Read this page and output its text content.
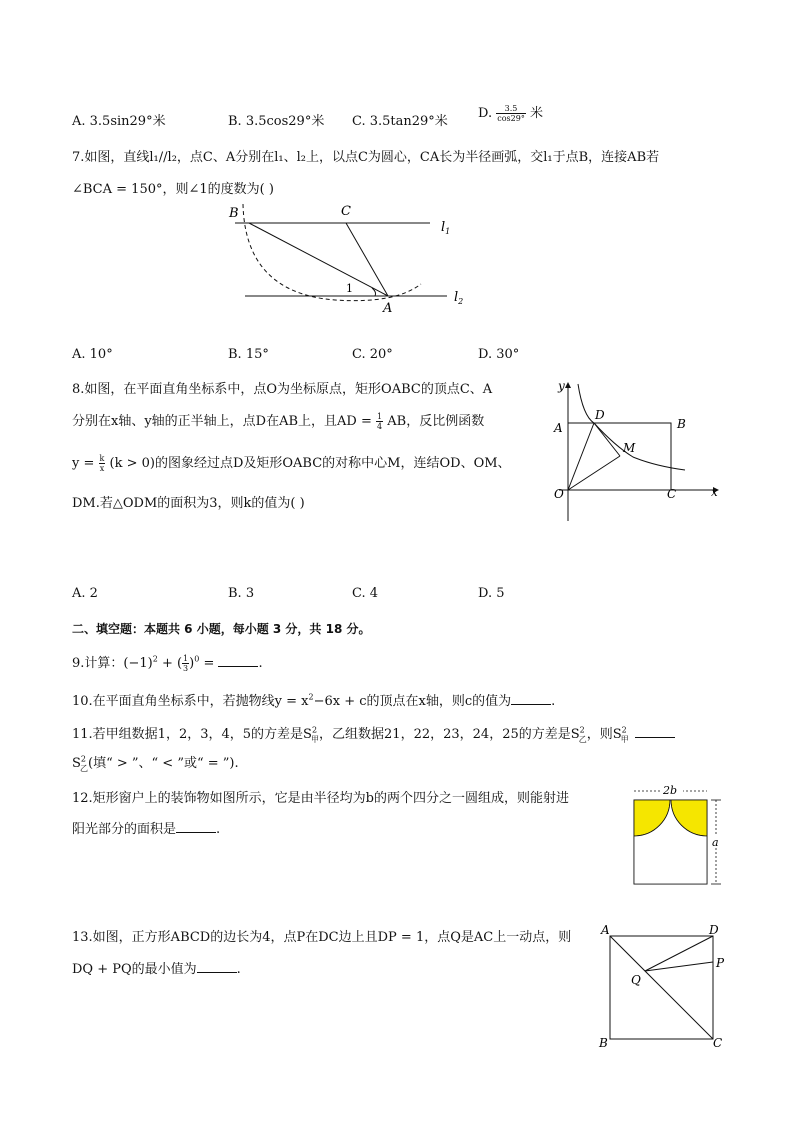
A. 3.5sin29°米	B. 3.5cos29°米 C. 3.5tan29°米
D. $\frac{3.5}{\cos 29^\circ}$ 米
7.如图，直线l₁//l₂，点C、A分别在l₁、l₂上，以点C为圆心，CA长为半径画弧，交l₁于点B，连接AB若
∠BCA = 150°，则∠1的度数为( )
B	C
A
1
$l_1$
$l_2$
A. 10°	B. 15°	C. 20°	D. 30°
8.如图，在平面直角坐标系中，点O为坐标原点，矩形OABC的顶点C、A
分别在x轴、y轴的正半轴上，点D在AB上，且AD = $\frac{1}{4}$ AB，反比例函数
$y = \frac{k}{x} (k > 0)$的图象经过点D及矩形OABC的对称中心M，连结OD、OM、
DM.若△ODM的面积为3，则k的值为( )
y
x
A	B
C
D
M
O
A. 2	B. 3	C. 4	D. 5
二、填空题：本题共 6 小题，每小题 3 分，共 18 分。
9.计算：$(-1)^2$ + ( $\frac{1}{3} )^0$ =	.
10.在平面直角坐标系中，若抛物线$y = x^2-6x + c$的顶点在x轴，则c的值为	.
11.若甲组数据1，2，3，4，5的方差是$S^2_甲$，乙组数据21，22，23，24，25的方差是$S^2_乙$，则$S^2_甲$
$S^2_乙$(填“ > ”、“ < ”或“ = ”).
12.矩形窗户上的装饰物如图所示，它是由半径均为b的两个四分之一圆组成，则能射进
阳光部分的面积是	.
2b
a
13.如图，正方形ABCD的边长为4，点P在DC边上且DP = 1，点Q是AC上一动点，则
DQ + PQ的最小值为	.
A	D
P
Q
B	C
